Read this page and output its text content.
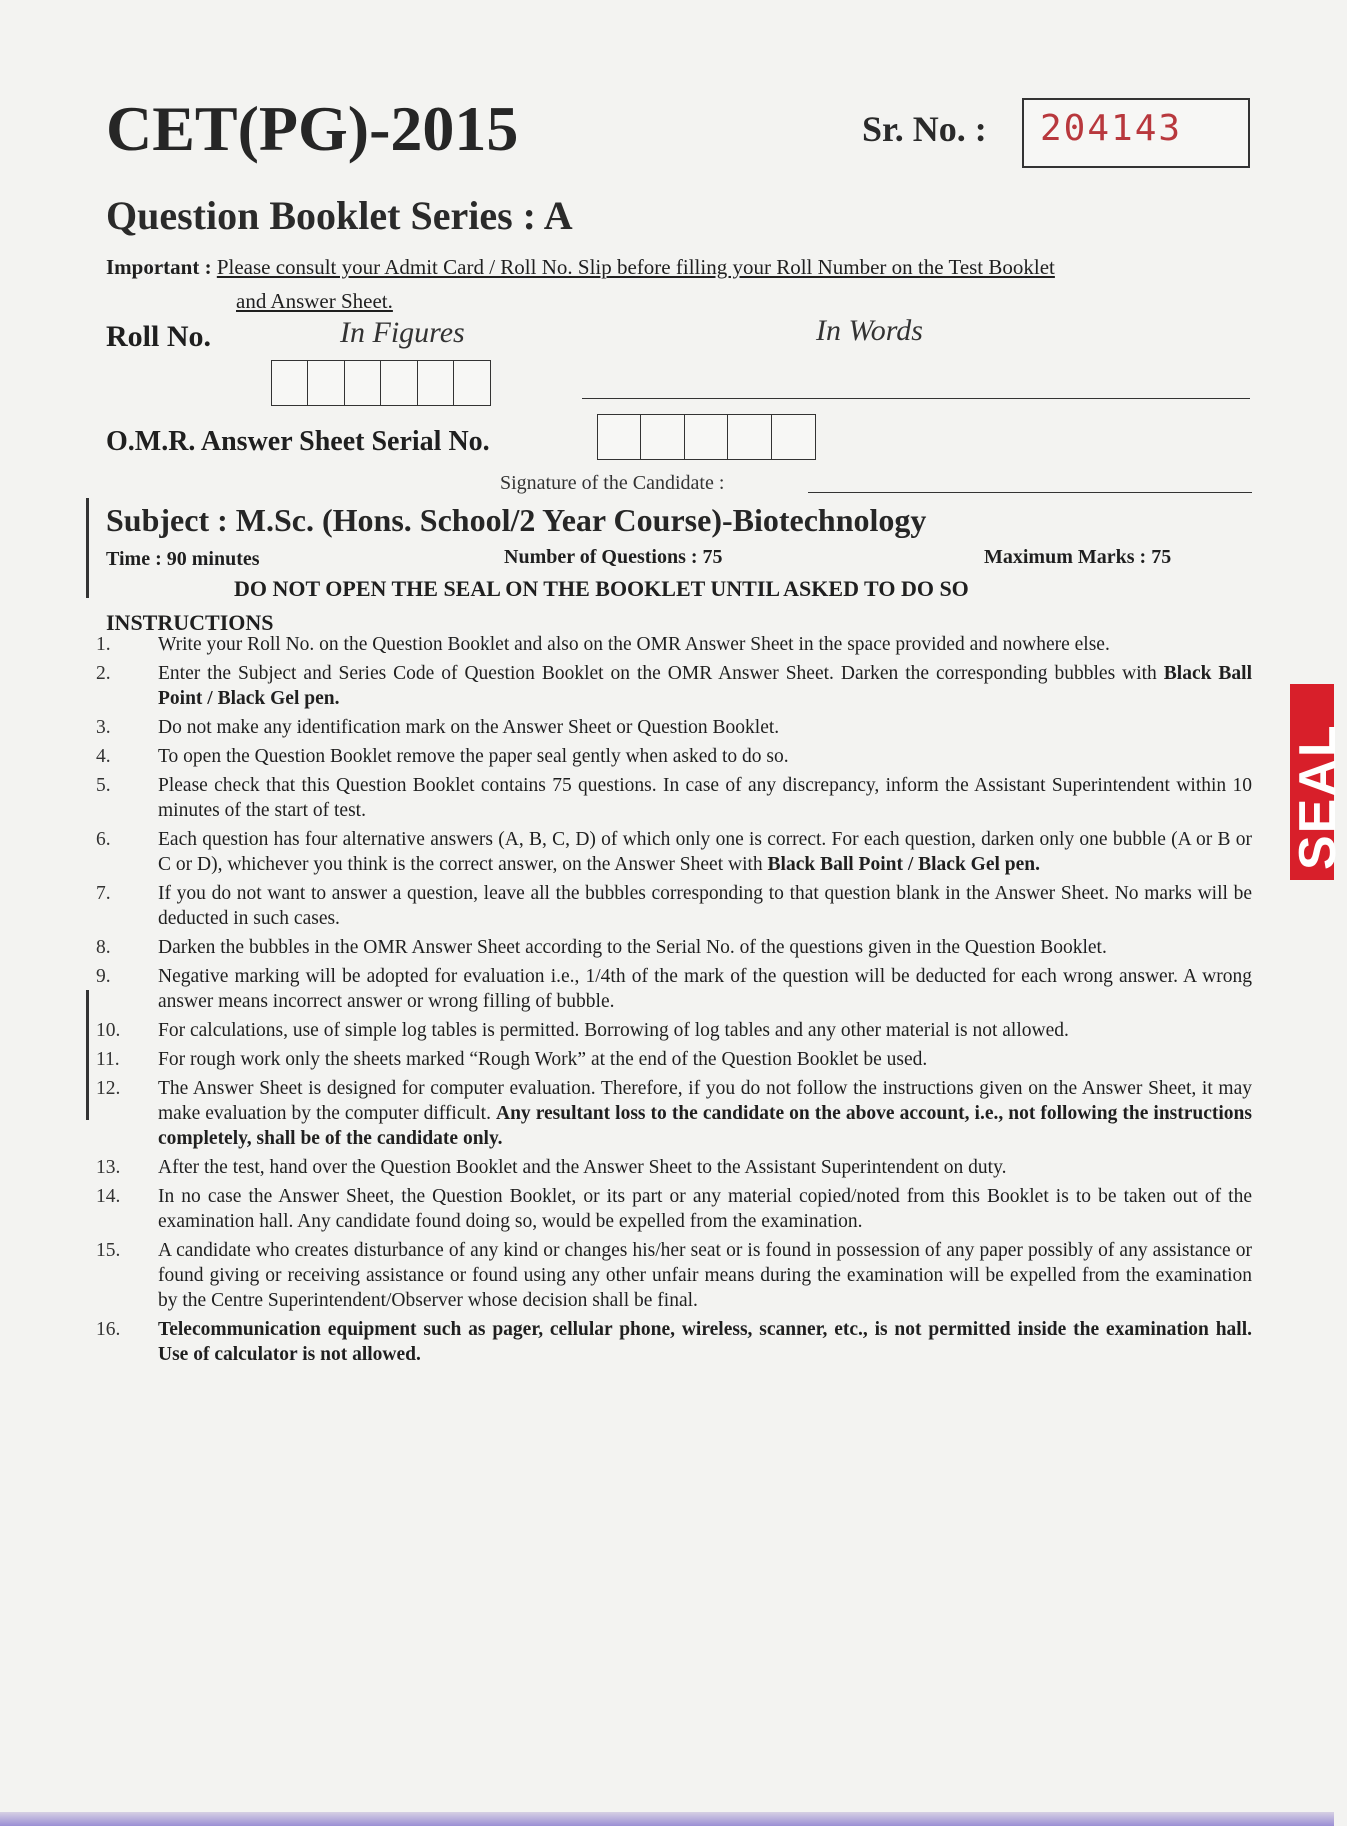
CET(PG)-2015	Sr. No. : 204143
Question Booklet Series : A
Important : Please consult your Admit Card / Roll No. Slip before filling your Roll Number on the Test Booklet
and Answer Sheet.
Roll No.	In Figures	In Words
O.M.R. Answer Sheet Serial No.
Signature of the Candidate :
Subject : M.Sc. (Hons. School/2 Year Course)-Biotechnology
Time : 90 minutes	Number of Questions : 75	Maximum Marks : 75
DO NOT OPEN THE SEAL ON THE BOOKLET UNTIL ASKED TO DO SO
INSTRUCTIONS
1.	Write your Roll No. on the Question Booklet and also on the OMR Answer Sheet in the space provided and nowhere else.
2.	Enter the Subject and Series Code of Question Booklet on the OMR Answer Sheet. Darken the corresponding bubbles with Black Ball Point / Black Gel pen.
3.	Do not make any identification mark on the Answer Sheet or Question Booklet.
4.	To open the Question Booklet remove the paper seal gently when asked to do so.
5.	Please check that this Question Booklet contains 75 questions. In case of any discrepancy, inform the Assistant Superintendent within 10 minutes of the start of test.
6.	Each question has four alternative answers (A, B, C, D) of which only one is correct. For each question, darken only one bubble (A or B or C or D), whichever you think is the correct answer, on the Answer Sheet with Black Ball Point / Black Gel pen.
7.	If you do not want to answer a question, leave all the bubbles corresponding to that question blank in the Answer Sheet. No marks will be deducted in such cases.
8.	Darken the bubbles in the OMR Answer Sheet according to the Serial No. of the questions given in the Question Booklet.
9.	Negative marking will be adopted for evaluation i.e., 1/4th of the mark of the question will be deducted for each wrong answer. A wrong answer means incorrect answer or wrong filling of bubble.
10.	For calculations, use of simple log tables is permitted. Borrowing of log tables and any other material is not allowed.
11.	For rough work only the sheets marked “Rough Work” at the end of the Question Booklet be used.
12.	The Answer Sheet is designed for computer evaluation. Therefore, if you do not follow the instructions given on the Answer Sheet, it may make evaluation by the computer difficult. Any resultant loss to the candidate on the above account, i.e., not following the instructions completely, shall be of the candidate only.
13.	After the test, hand over the Question Booklet and the Answer Sheet to the Assistant Superintendent on duty.
14.	In no case the Answer Sheet, the Question Booklet, or its part or any material copied/noted from this Booklet is to be taken out of the examination hall. Any candidate found doing so, would be expelled from the examination.
15.	A candidate who creates disturbance of any kind or changes his/her seat or is found in possession of any paper possibly of any assistance or found giving or receiving assistance or found using any other unfair means during the examination will be expelled from the examination by the Centre Superintendent/Observer whose decision shall be final.
16.	Telecommunication equipment such as pager, cellular phone, wireless, scanner, etc., is not permitted inside the examination hall. Use of calculator is not allowed.
SEAL
